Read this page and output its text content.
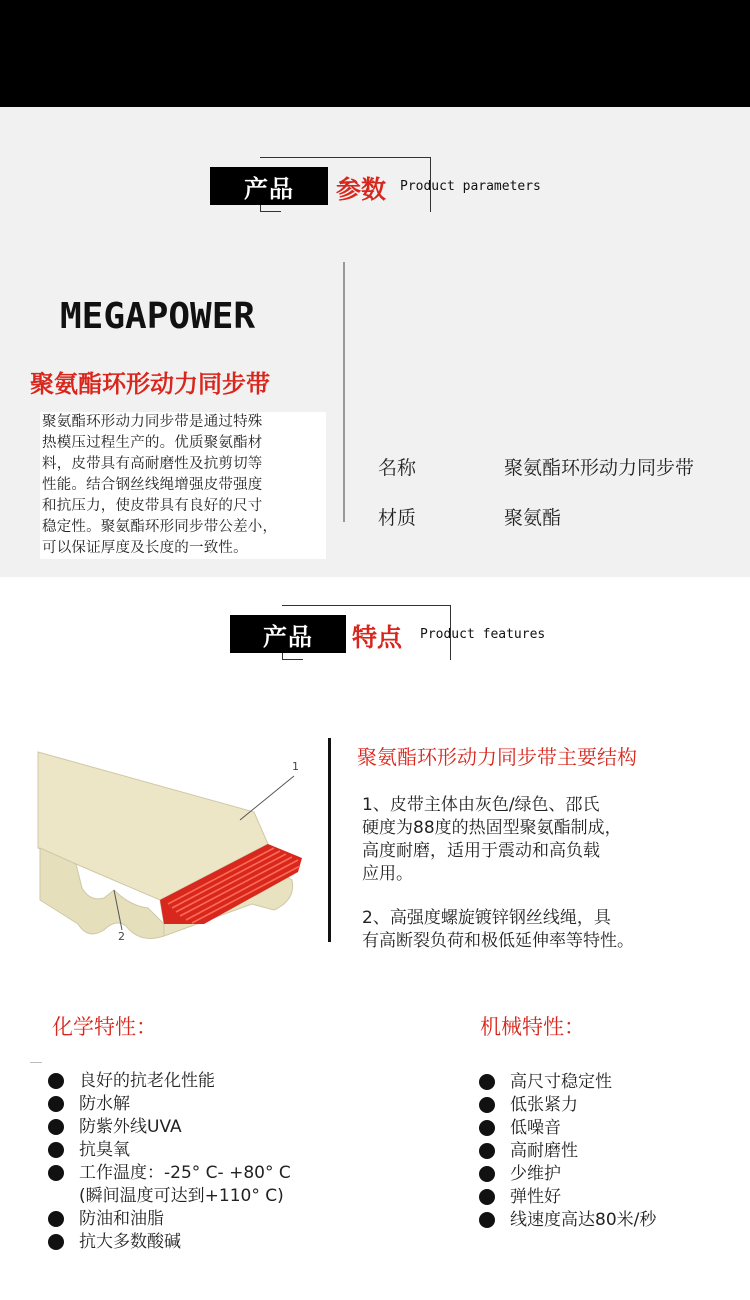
产品	参数 Product parameters
MEGAPOWER
聚氨酯环形动力同步带
聚氨酯环形动力同步带是通过特殊
热模压过程生产的。优质聚氨酯材
料，皮带具有高耐磨性及抗剪切等
性能。结合钢丝线绳增强皮带强度
和抗压力，使皮带具有良好的尺寸
稳定性。聚氨酯环形同步带公差小，
可以保证厚度及长度的一致性。
名称	聚氨酯环形动力同步带
材质	聚氨酯
产品	特点 Product features
1
2
聚氨酯环形动力同步带主要结构
1、皮带主体由灰色/绿色、邵氏
硬度为88度的热固型聚氨酯制成，
高度耐磨，适用于震动和高负载
应用。
2、高强度螺旋镀锌钢丝线绳，具
有高断裂负荷和极低延伸率等特性。
化学特性：	机械特性：
良好的抗老化性能
防水解
防紫外线UVA
抗臭氧
工作温度：-25° C- +80° C
(瞬间温度可达到+110° C)
防油和油脂
抗大多数酸碱
高尺寸稳定性
低张紧力
低噪音
高耐磨性
少维护
弹性好
线速度高达80米/秒
